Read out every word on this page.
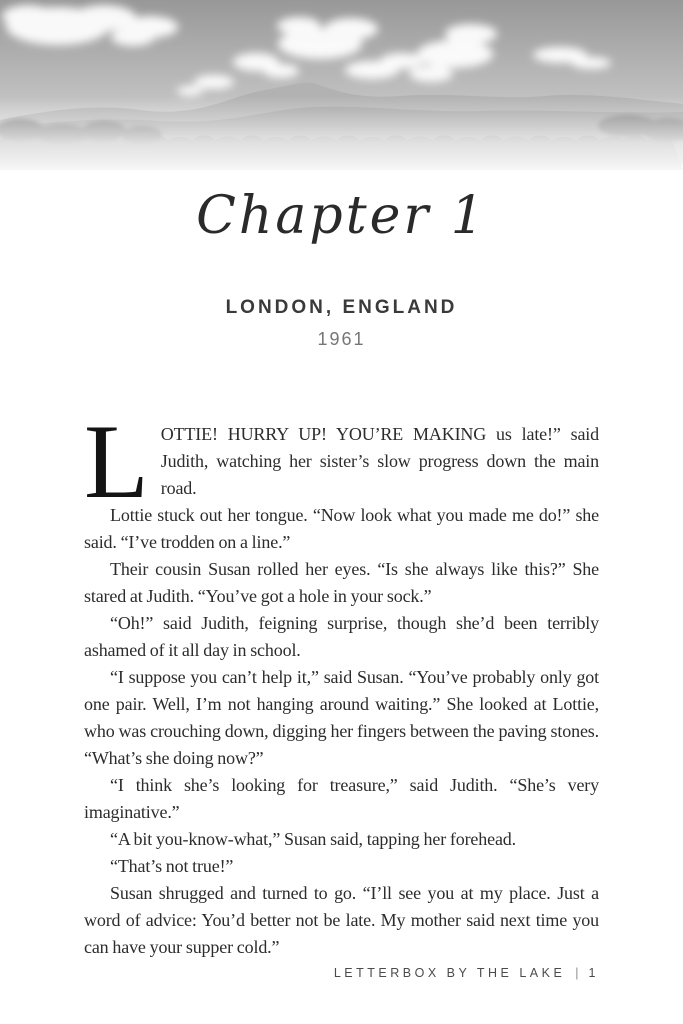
Chapter 1
LONDON, ENGLAND
1961

LOTTIE! HURRY UP! YOU’RE MAKING us late!” said Judith, watching her sister’s slow progress down the main road.

Lottie stuck out her tongue. “Now look what you made me do!” she said. “I’ve trodden on a line.”

Their cousin Susan rolled her eyes. “Is she always like this?” She stared at Judith. “You’ve got a hole in your sock.”

“Oh!” said Judith, feigning surprise, though she’d been terribly ashamed of it all day in school.

“I suppose you can’t help it,” said Susan. “You’ve probably only got one pair. Well, I’m not hanging around waiting.” She looked at Lottie, who was crouching down, digging her fingers between the paving stones. “What’s she doing now?”

“I think she’s looking for treasure,” said Judith. “She’s very imaginative.”

“A bit you-know-what,” Susan said, tapping her forehead.

“That’s not true!”

Susan shrugged and turned to go. “I’ll see you at my place. Just a word of advice: You’d better not be late. My mother said next time you can have your supper cold.”

LETTERBOX BY THE LAKE | 1
